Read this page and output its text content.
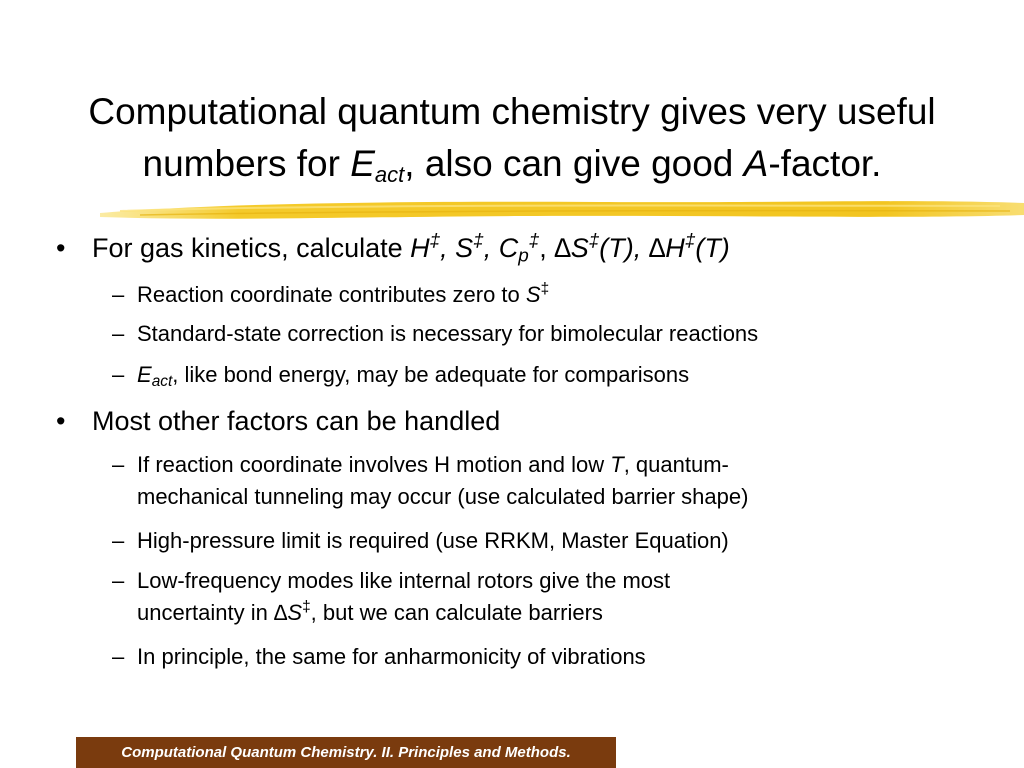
Computational quantum chemistry gives very useful
numbers for $E_{act}$, also can give good A-factor.
• For gas kinetics, calculate H‡, S‡, $C_p^\ddagger$, ∆S‡(T), ∆H‡(T)
– Reaction coordinate contributes zero to S‡
– Standard-state correction is necessary for bimolecular reactions
– $E_{act}$, like bond energy, may be adequate for comparisons
• Most other factors can be handled
– If reaction coordinate involves H motion and low T, quantum-
mechanical tunneling may occur (use calculated barrier shape)
– High-pressure limit is required (use RRKM, Master Equation)
– Low-frequency modes like internal rotors give the most
uncertainty in ∆S‡, but we can calculate barriers
– In principle, the same for anharmonicity of vibrations
Computational Quantum Chemistry. II. Principles and Methods.
